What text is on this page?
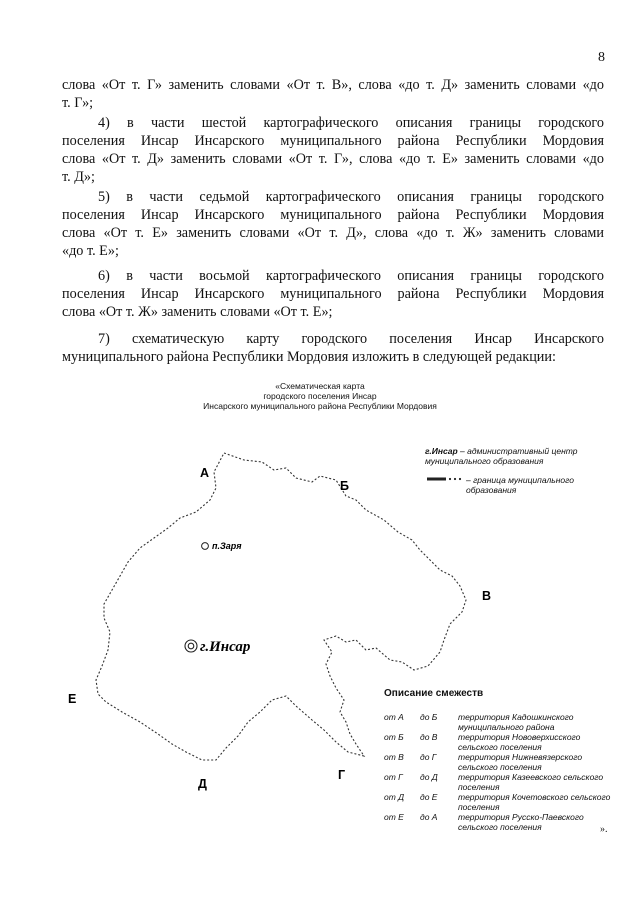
8

слова «От т. Г» заменить словами «От т. В», слова «до т. Д» заменить словами «до
т. Г»;

4) в части шестой картографического описания границы городского
поселения Инсар Инсарского муниципального района Республики Мордовия
слова «От т. Д» заменить словами «От т. Г», слова «до т. Е» заменить словами «до
т. Д»;

5) в части седьмой картографического описания границы городского
поселения Инсар Инсарского муниципального района Республики Мордовия
слова «От т. Е» заменить словами «От т. Д», слова «до т. Ж» заменить словами
«до т. Е»;

6) в части восьмой картографического описания границы городского
поселения Инсар Инсарского муниципального района Республики Мордовия
слова «От т. Ж» заменить словами «От т. Е»;

7) схематическую карту городского поселения Инсар Инсарского
муниципального района Республики Мордовия изложить в следующей редакции:

«Схематическая карта
городского поселения Инсар
Инсарского муниципального района Республики Мордовия
А
Б
В
Г
Д
Е
п.Заря
г.Инсар
г.Инсар – административный центр муниципального образования
– граница муниципального образования
Описание смежеств
от А	до Б	территория Кадошкинского муниципального района
от Б	до В	территория Нововерхисского сельского поселения
от В	до Г	территория Нижневязерского сельского поселения
от Г	до Д	территория Казеевского сельского поселения
от Д	до Е	территория Кочетовского сельского поселения
от Е	до А	территория Русско-Паевского сельского поселения	».
